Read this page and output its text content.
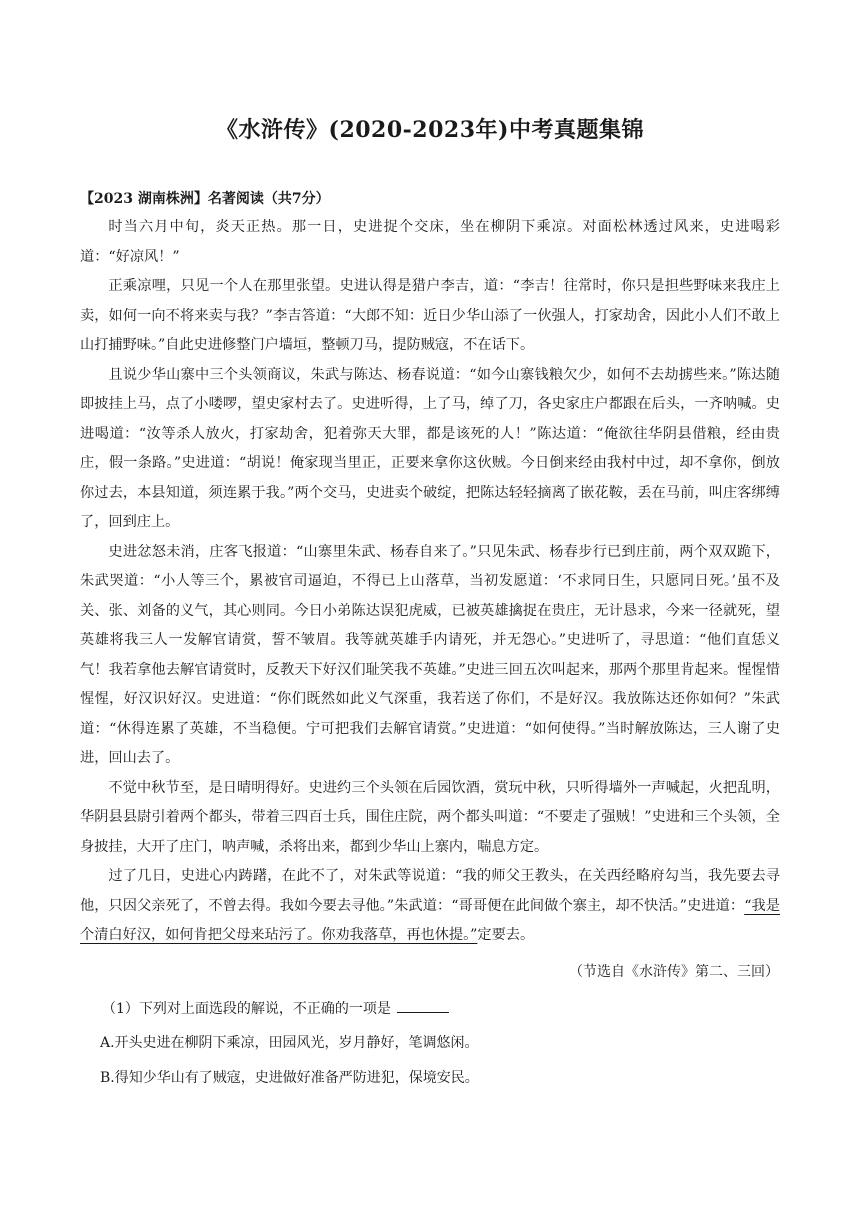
《水浒传》(2020-2023年)中考真题集锦
【2023 湖南株洲】名著阅读（共7分）

时当六月中旬，炎天正热。那一日，史进捉个交床，坐在柳阴下乘凉。对面松林透过风来，史进喝彩道：“好凉风！”

正乘凉哩，只见一个人在那里张望。史进认得是猎户李吉，道：“李吉！往常时，你只是担些野味来我庄上卖，如何一向不将来卖与我？”李吉答道：“大郎不知：近日少华山添了一伙强人，打家劫舍，因此小人们不敢上山打捕野味。”自此史进修整门户墙垣，整顿刀马，提防贼寇，不在话下。

且说少华山寨中三个头领商议，朱武与陈达、杨春说道：“如今山寨钱粮欠少，如何不去劫掳些来。”陈达随即披挂上马，点了小喽啰，望史家村去了。史进听得，上了马，绰了刀，各史家庄户都跟在后头，一齐呐喊。史进喝道：“汝等杀人放火，打家劫舍，犯着弥天大罪，都是该死的人！”陈达道：“俺欲往华阴县借粮，经由贵庄，假一条路。”史进道：“胡说！俺家现当里正，正要来拿你这伙贼。今日倒来经由我村中过，却不拿你，倒放你过去，本县知道，须连累于我。”两个交马，史进卖个破绽，把陈达轻轻摘离了嵌花鞍，丢在马前，叫庄客绑缚了，回到庄上。

史进忿怒未消，庄客飞报道：“山寨里朱武、杨春自来了。”只见朱武、杨春步行已到庄前，两个双双跪下，朱武哭道：“小人等三个，累被官司逼迫，不得已上山落草，当初发愿道：‘不求同日生，只愿同日死。’虽不及关、张、刘备的义气，其心则同。今日小弟陈达误犯虎威，已被英雄擒捉在贵庄，无计恳求，今来一径就死，望英雄将我三人一发解官请赏，誓不皱眉。我等就英雄手内请死，并无怨心。”史进听了，寻思道：“他们直恁义气！我若拿他去解官请赏时，反教天下好汉们耻笑我不英雄。”史进三回五次叫起来，那两个那里肯起来。惺惺惜惺惺，好汉识好汉。史进道：“你们既然如此义气深重，我若送了你们，不是好汉。我放陈达还你如何？”朱武道：“休得连累了英雄，不当稳便。宁可把我们去解官请赏。”史进道：“如何使得。”当时解放陈达，三人谢了史进，回山去了。

不觉中秋节至，是日晴明得好。史进约三个头领在后园饮酒，赏玩中秋，只听得墙外一声喊起，火把乱明，华阴县县尉引着两个都头，带着三四百士兵，围住庄院，两个都头叫道：“不要走了强贼！”史进和三个头领，全身披挂，大开了庄门，呐声喊，杀将出来，都到少华山上寨内，喘息方定。

过了几日，史进心内踌躇，在此不了，对朱武等说道：“我的师父王教头，在关西经略府勾当，我先要去寻他，只因父亲死了，不曾去得。我如今要去寻他。”朱武道：“哥哥便在此间做个寨主，却不快活。”史进道：“我是个清白好汉，如何肯把父母来玷污了。你劝我落草，再也休提。”定要去。

（节选自《水浒传》第二、三回）
（1）下列对上面选段的解说，不正确的一项是
A.开头史进在柳阴下乘凉，田园风光，岁月静好，笔调悠闲。
B.得知少华山有了贼寇，史进做好准备严防进犯，保境安民。
